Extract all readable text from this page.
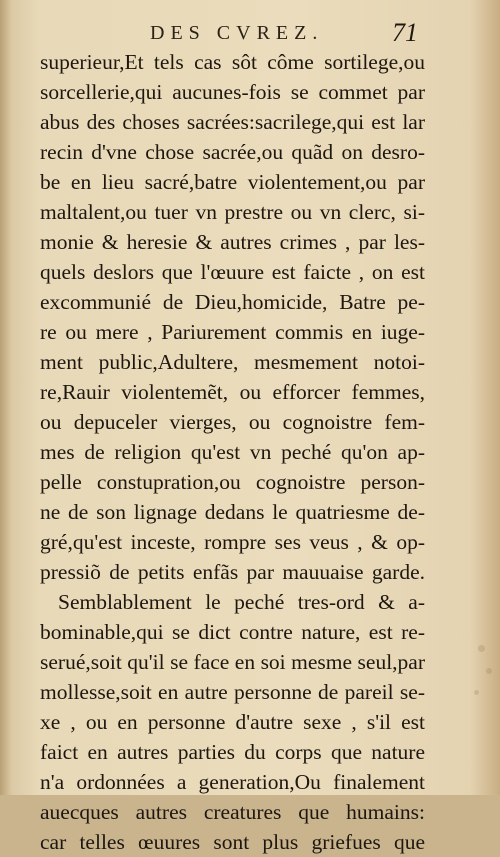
DES CVREZ.	71
superieur,Et tels cas sôt côme sortilege,ou
sorcellerie,qui aucunes-fois se commet par
abus des choses sacrées:sacrilege,qui est lar
recin d'vne chose sacrée,ou quãd on desro-
be en lieu sacré,batre violentement,ou par
maltalent,ou tuer vn prestre ou vn clerc, si-
monie & heresie & autres crimes , par les-
quels deslors que l'œuure est faicte , on est
excommunié de Dieu,homicide, Batre pe-
re ou mere , Pariurement commis en iuge-
ment public,Adultere, mesmement notoi-
re,Rauir violentemẽt, ou efforcer femmes,
ou depuceler vierges, ou cognoistre fem-
mes de religion qu'est vn peché qu'on ap-
pelle constupration,ou cognoistre person-
ne de son lignage dedans le quatriesme de-
gré,qu'est inceste, rompre ses veus , & op-
pressiõ de petits enfãs par mauuaise garde.
Semblablement le peché tres-ord & a-
bominable,qui se dict contre nature, est re-
serué,soit qu'il se face en soi mesme seul,par
mollesse,soit en autre personne de pareil se-
xe , ou en personne d'autre sexe , s'il est
faict en autres parties du corps que nature
n'a ordonnées a generation,Ou finalement
auecques autres creatures que humains:
car telles œuures sont plus griefues que
